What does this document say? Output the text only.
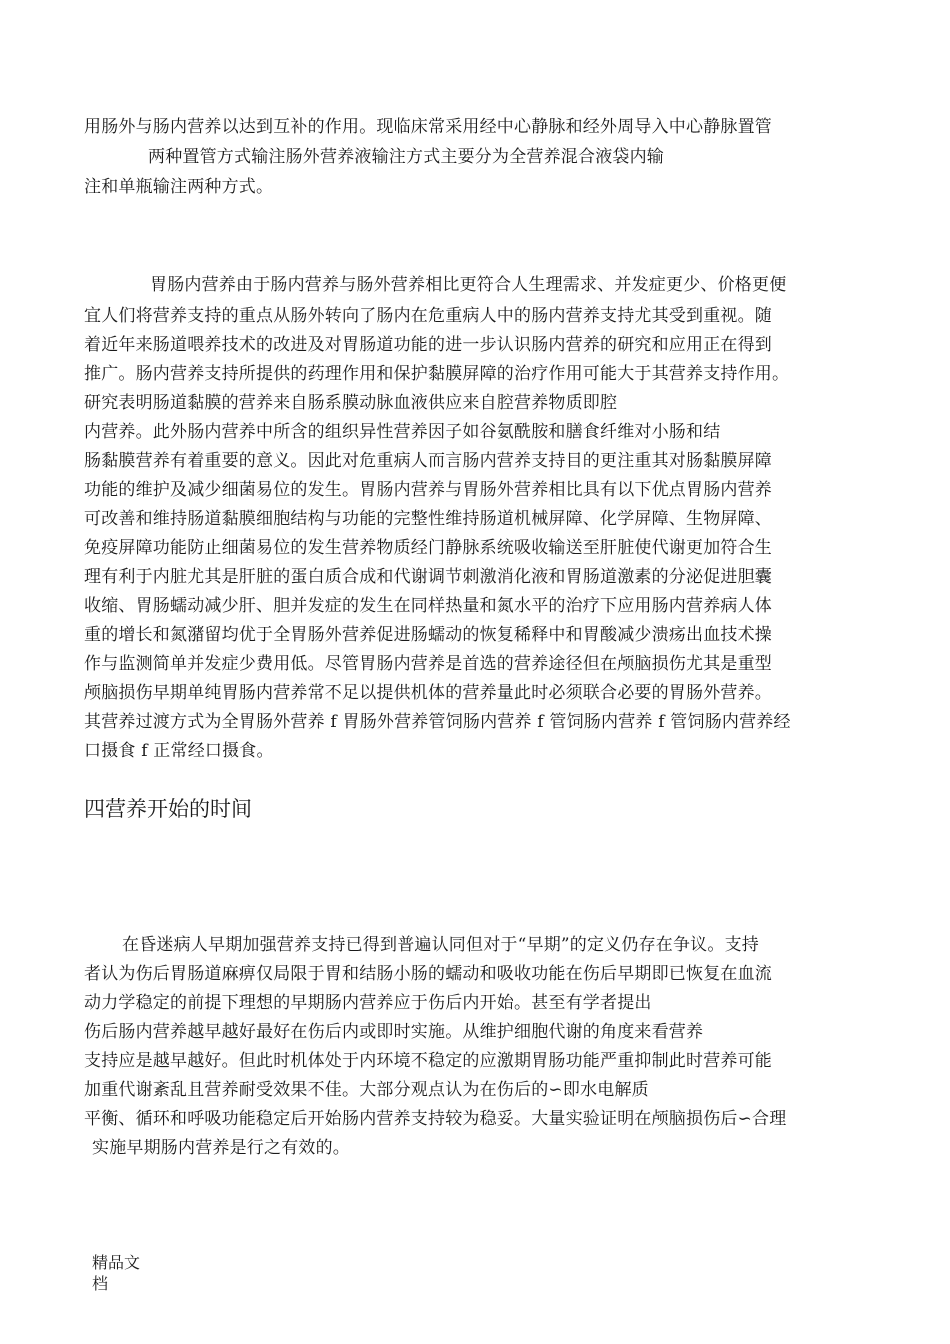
用肠外与肠内营养以达到互补的作用。现临床常采用经中心静脉和经外周导入中心静脉置管
两种置管方式输注肠外营养液输注方式主要分为全营养混合液袋内输
注和单瓶输注两种方式。
胃肠内营养由于肠内营养与肠外营养相比更符合人生理需求、并发症更少、价格更便
宜人们将营养支持的重点从肠外转向了肠内在危重病人中的肠内营养支持尤其受到重视。随
着近年来肠道喂养技术的改进及对胃肠道功能的进一步认识肠内营养的研究和应用正在得到
推广。肠内营养支持所提供的药理作用和保护黏膜屏障的治疗作用可能大于其营养支持作用。
研究表明肠道黏膜的营养来自肠系膜动脉血液供应来自腔营养物质即腔
内营养。此外肠内营养中所含的组织异性营养因子如谷氨酰胺和膳食纤维对小肠和结
肠黏膜营养有着重要的意义。因此对危重病人而言肠内营养支持目的更注重其对肠黏膜屏障
功能的维护及减少细菌易位的发生。胃肠内营养与胃肠外营养相比具有以下优点胃肠内营养
可改善和维持肠道黏膜细胞结构与功能的完整性维持肠道机械屏障、化学屏障、生物屏障、
免疫屏障功能防止细菌易位的发生营养物质经门静脉系统吸收输送至肝脏使代谢更加符合生
理有利于内脏尤其是肝脏的蛋白质合成和代谢调节刺激消化液和胃肠道激素的分泌促进胆囊
收缩、胃肠蠕动减少肝、胆并发症的发生在同样热量和氮水平的治疗下应用肠内营养病人体
重的增长和氮潴留均优于全胃肠外营养促进肠蠕动的恢复稀释中和胃酸减少溃疡出血技术操
作与监测简单并发症少费用低。尽管胃肠内营养是首选的营养途径但在颅脑损伤尤其是重型
颅脑损伤早期单纯胃肠内营养常不足以提供机体的营养量此时必须联合必要的胃肠外营养。
其营养过渡方式为全胃肠外营养 f 胃肠外营养管饲肠内营养 f 管饲肠内营养 f 管饲肠内营养经
口摄食 f 正常经口摄食。
四营养开始的时间
在昏迷病人早期加强营养支持已得到普遍认同但对于“早期”的定义仍存在争议。支持
者认为伤后胃肠道麻痹仅局限于胃和结肠小肠的蠕动和吸收功能在伤后早期即已恢复在血流
动力学稳定的前提下理想的早期肠内营养应于伤后内开始。甚至有学者提出
伤后肠内营养越早越好最好在伤后内或即时实施。从维护细胞代谢的角度来看营养
支持应是越早越好。但此时机体处于内环境不稳定的应激期胃肠功能严重抑制此时营养可能
加重代谢紊乱且营养耐受效果不佳。大部分观点认为在伤后的∽即水电解质
平衡、循环和呼吸功能稳定后开始肠内营养支持较为稳妥。大量实验证明在颅脑损伤后∽合理
实施早期肠内营养是行之有效的。
精品文档
